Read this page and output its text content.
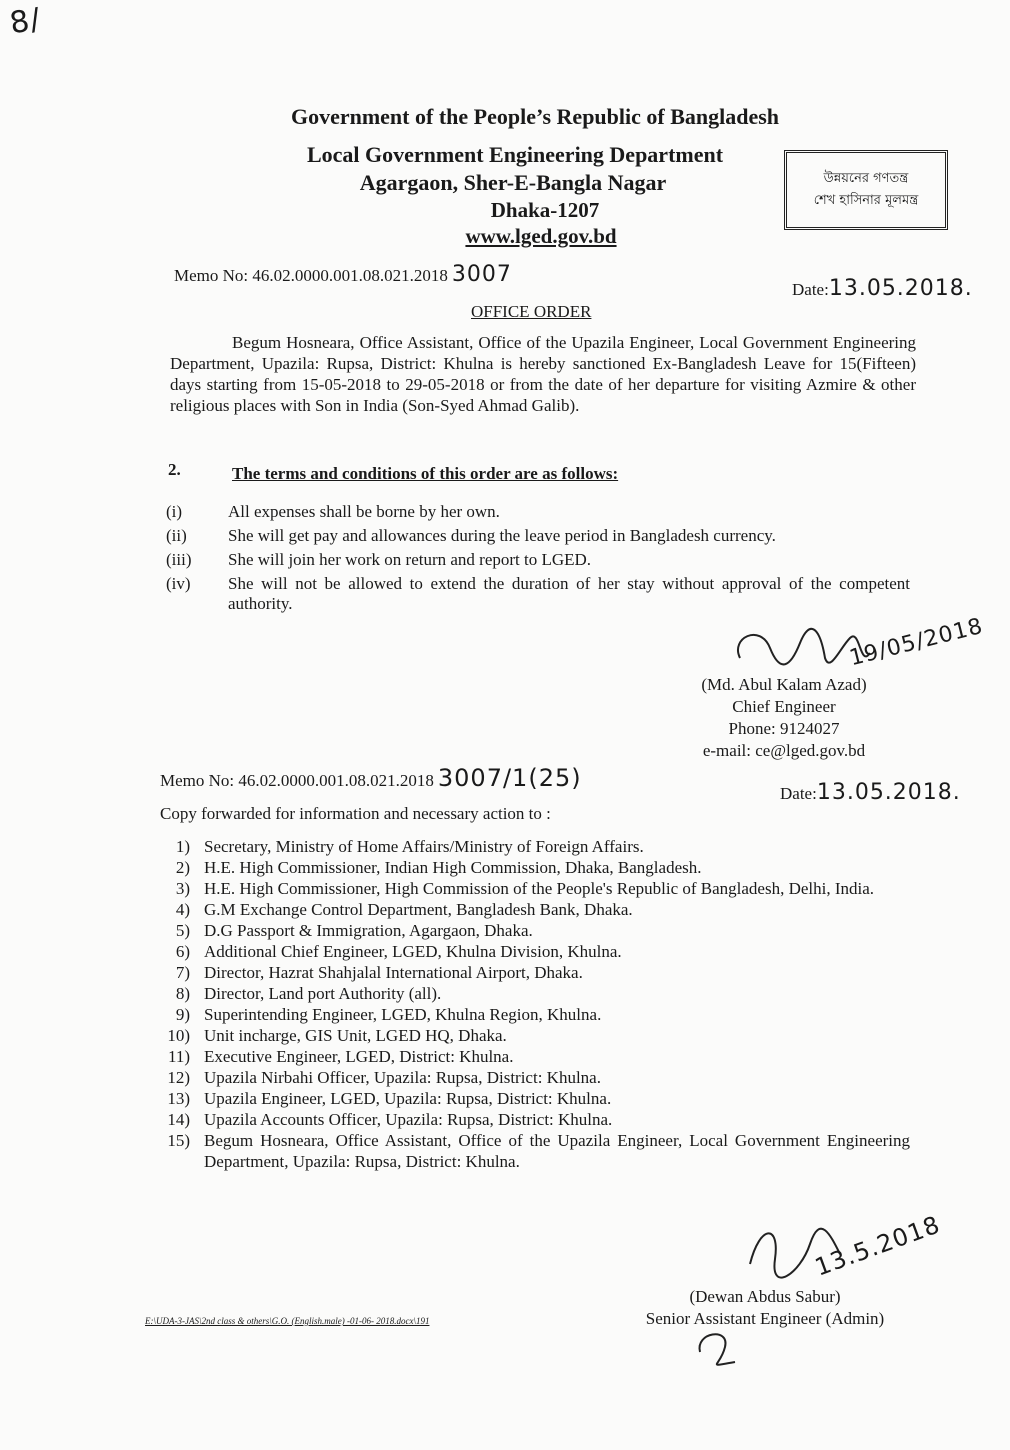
8/
Government of the People’s Republic of Bangladesh
Local Government Engineering Department
Agargaon, Sher-E-Bangla Nagar
Dhaka-1207
www.lged.gov.bd
উন্নয়নের গণতন্ত্র
শেখ হাসিনার মূলমন্ত্র
Memo No: 46.02.0000.001.08.021.2018 3007
Date:13.05.2018.
OFFICE ORDER
Begum Hosneara, Office Assistant, Office of the Upazila Engineer, Local Government Engineering Department, Upazila: Rupsa, District: Khulna is hereby sanctioned Ex-Bangladesh Leave for 15(Fifteen) days starting from 15-05-2018 to 29-05-2018 or from the date of her departure for visiting Azmire & other religious places with Son in India (Son-Syed Ahmad Galib).
2.	The terms and conditions of this order are as follows:
(i)	All expenses shall be borne by her own.
(ii)	She will get pay and allowances during the leave period in Bangladesh currency.
(iii)	She will join her work on return and report to LGED.
(iv)	She will not be allowed to extend the duration of her stay without approval of the competent authority.
19/05/2018
(Md. Abul Kalam Azad)
Chief Engineer
Phone: 9124027
e-mail: ce@lged.gov.bd
Memo No: 46.02.0000.001.08.021.2018 3007/1(25)
Date:13.05.2018.
Copy forwarded for information and necessary action to :
1) Secretary, Ministry of Home Affairs/Ministry of Foreign Affairs.
2) H.E. High Commissioner, Indian High Commission, Dhaka, Bangladesh.
3) H.E. High Commissioner, High Commission of the People's Republic of Bangladesh, Delhi, India.
4) G.M Exchange Control Department, Bangladesh Bank, Dhaka.
5) D.G Passport & Immigration, Agargaon, Dhaka.
6) Additional Chief Engineer, LGED, Khulna Division, Khulna.
7) Director, Hazrat Shahjalal International Airport, Dhaka.
8) Director, Land port Authority (all).
9) Superintending Engineer, LGED, Khulna Region, Khulna.
10) Unit incharge, GIS Unit, LGED HQ, Dhaka.
11) Executive Engineer, LGED, District: Khulna.
12) Upazila Nirbahi Officer, Upazila: Rupsa, District: Khulna.
13) Upazila Engineer, LGED, Upazila: Rupsa, District: Khulna.
14) Upazila Accounts Officer, Upazila: Rupsa, District: Khulna.
15) Begum Hosneara, Office Assistant, Office of the Upazila Engineer, Local Government Engineering Department, Upazila: Rupsa, District: Khulna.
13.5.2018
(Dewan Abdus Sabur)
Senior Assistant Engineer (Admin)
E:\UDA-3-JAS\2nd class & others\G.O. (English.male) -01-06- 2018.docx\191
